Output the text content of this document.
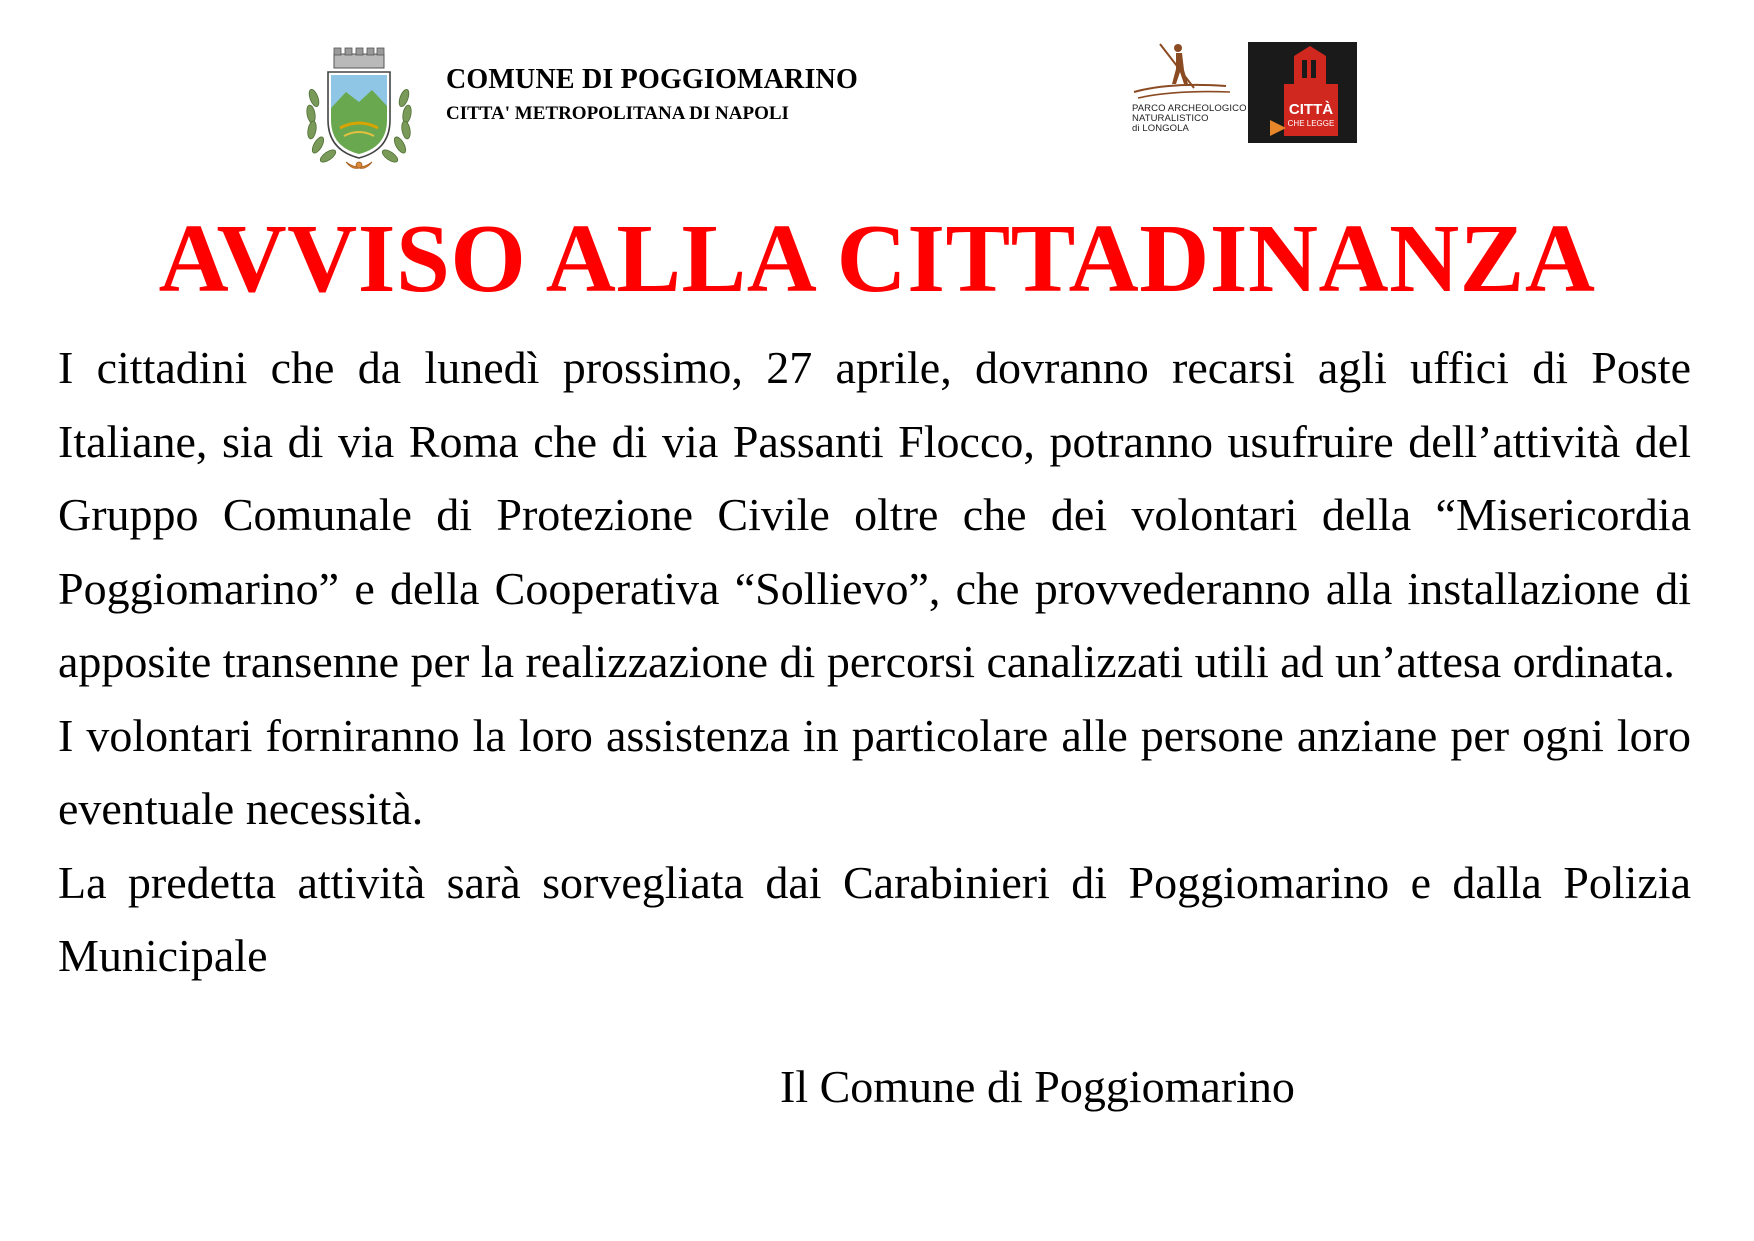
COMUNE DI POGGIOMARINO
CITTA' METROPOLITANA DI NAPOLI	PARCO ARCHEOLOGICO
NATURALISTICO
di LONGOLA
CITTÀ
CHE LEGGE
AVVISO ALLA CITTADINANZA

I cittadini che da lunedì prossimo, 27 aprile, dovranno recarsi agli uffici di Poste Italiane, sia di via Roma che di via Passanti Flocco, potranno usufruire dell’attività del Gruppo Comunale di Protezione Civile oltre che dei volontari della “Misericordia Poggiomarino” e della Cooperativa “Sollievo”, che provvederanno alla installazione di apposite transenne per la realizzazione di percorsi canalizzati utili ad un’attesa ordinata.

I volontari forniranno la loro assistenza in particolare alle persone anziane per ogni loro eventuale necessità.

La predetta attività sarà sorvegliata dai Carabinieri di Poggiomarino e dalla Polizia Municipale

Il Comune di Poggiomarino
